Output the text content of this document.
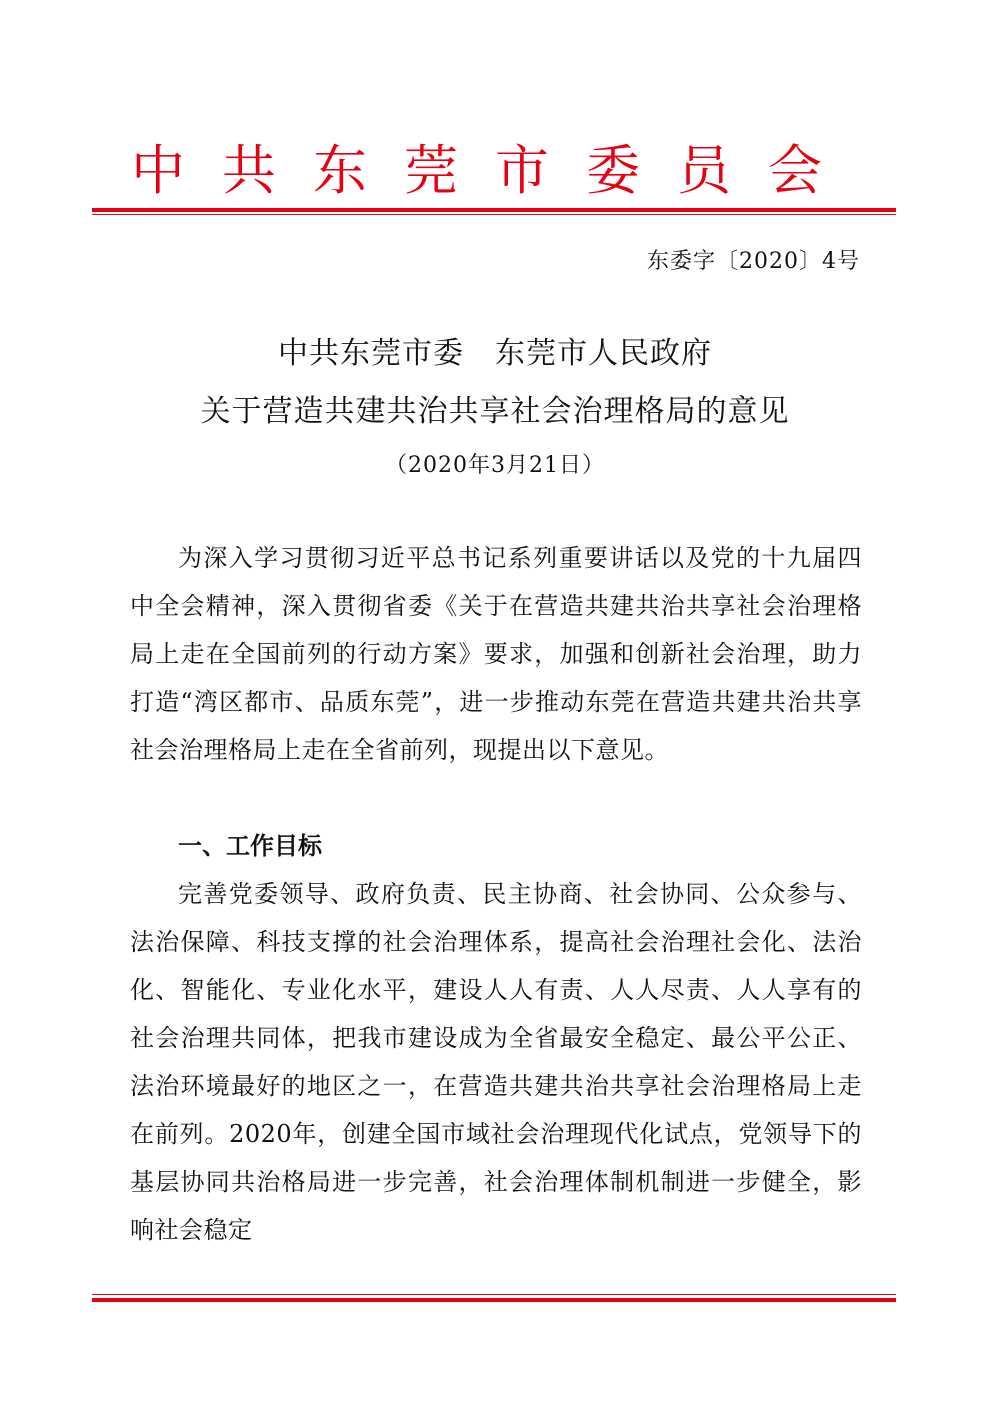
中共东莞市委员会
东委字〔2020〕4号
中共东莞市委　东莞市人民政府
关于营造共建共治共享社会治理格局的意见
（2020年3月21日）

为深入学习贯彻习近平总书记系列重要讲话以及党的十九届四中全会精神，深入贯彻省委《关于在营造共建共治共享社会治理格局上走在全国前列的行动方案》要求，加强和创新社会治理，助力打造“湾区都市、品质东莞”，进一步推动东莞在营造共建共治共享社会治理格局上走在全省前列，现提出以下意见。

一、工作目标

完善党委领导、政府负责、民主协商、社会协同、公众参与、法治保障、科技支撑的社会治理体系，提高社会治理社会化、法治化、智能化、专业化水平，建设人人有责、人人尽责、人人享有的社会治理共同体，把我市建设成为全省最安全稳定、最公平公正、法治环境最好的地区之一，在营造共建共治共享社会治理格局上走在前列。2020年，创建全国市域社会治理现代化试点，党领导下的基层协同共治格局进一步完善，社会治理体制机制进一步健全，影响社会稳定
